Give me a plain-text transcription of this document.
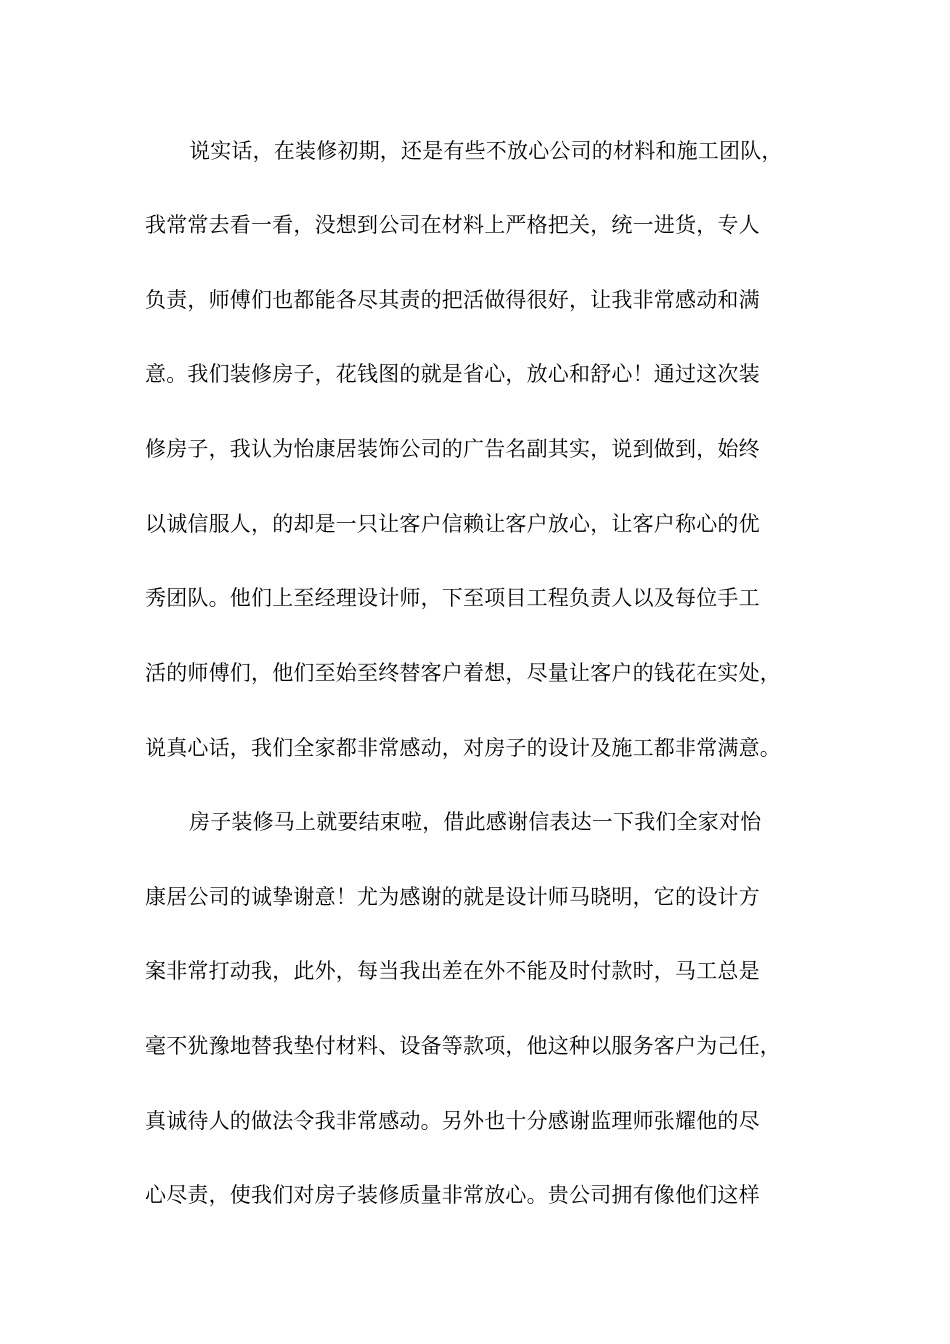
说实话，在装修初期，还是有些不放心公司的材料和施工团队，
我常常去看一看，没想到公司在材料上严格把关，统一进货，专人
负责，师傅们也都能各尽其责的把活做得很好，让我非常感动和满
意。我们装修房子，花钱图的就是省心，放心和舒心！通过这次装
修房子，我认为怡康居装饰公司的广告名副其实，说到做到，始终
以诚信服人，的却是一只让客户信赖让客户放心，让客户称心的优
秀团队。他们上至经理设计师，下至项目工程负责人以及每位手工
活的师傅们，他们至始至终替客户着想，尽量让客户的钱花在实处，
说真心话，我们全家都非常感动，对房子的设计及施工都非常满意。
房子装修马上就要结束啦，借此感谢信表达一下我们全家对怡
康居公司的诚挚谢意！尤为感谢的就是设计师马晓明，它的设计方
案非常打动我，此外，每当我出差在外不能及时付款时，马工总是
毫不犹豫地替我垫付材料、设备等款项，他这种以服务客户为己任，
真诚待人的做法令我非常感动。另外也十分感谢监理师张耀他的尽
心尽责，使我们对房子装修质量非常放心。贵公司拥有像他们这样
